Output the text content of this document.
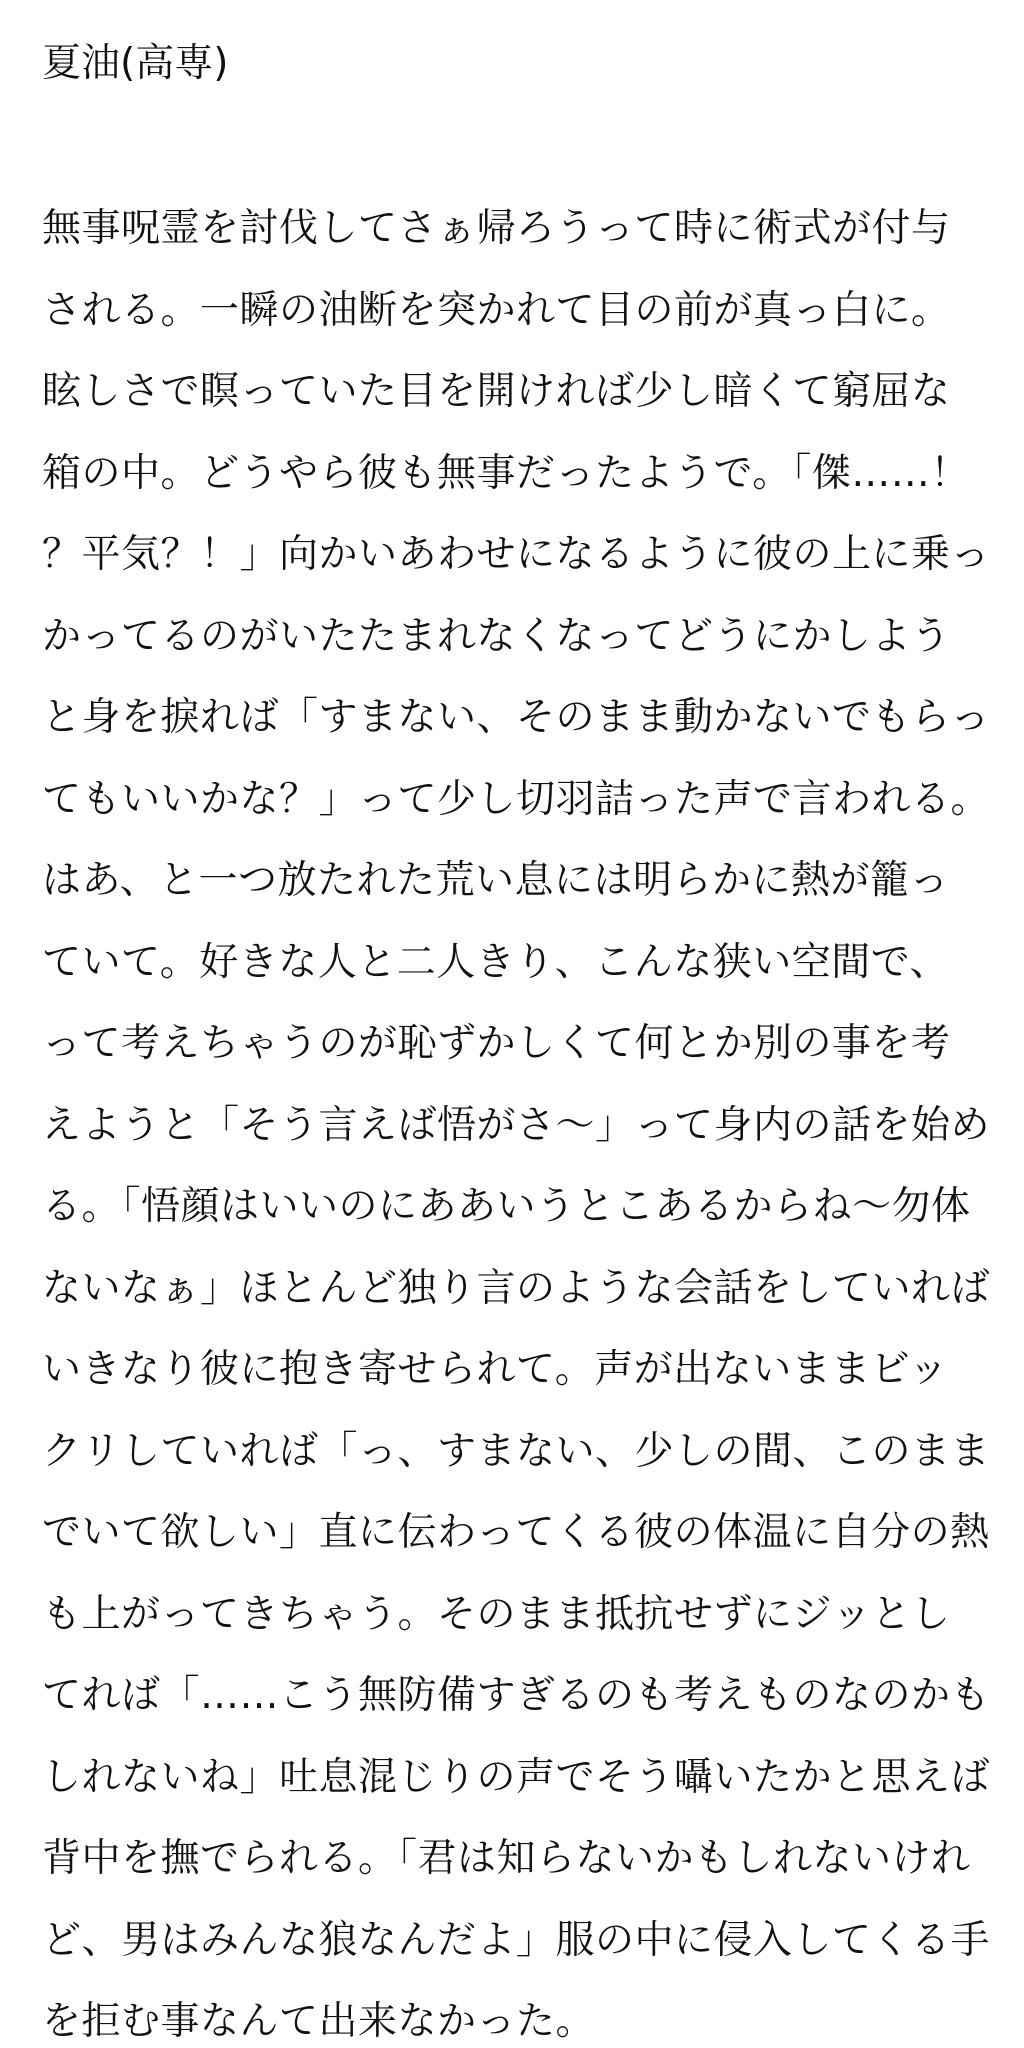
夏油(高専)
無事呪霊を討伐してさぁ帰ろうって時に術式が付与
される。一瞬の油断を突かれて目の前が真っ白に。
眩しさで瞑っていた目を開ければ少し暗くて窮屈な
箱の中。どうやら彼も無事だったようで。「傑……！
？平気？！」向かいあわせになるように彼の上に乗っ
かってるのがいたたまれなくなってどうにかしよう
と身を捩れば「すまない、そのまま動かないでもらっ
てもいいかな？」って少し切羽詰った声で言われる。
はあ、と一つ放たれた荒い息には明らかに熱が籠っ
ていて。好きな人と二人きり、こんな狭い空間で、
って考えちゃうのが恥ずかしくて何とか別の事を考
えようと「そう言えば悟がさ〜」って身内の話を始め
る。「悟顔はいいのにああいうとこあるからね〜勿体
ないなぁ」ほとんど独り言のような会話をしていれば
いきなり彼に抱き寄せられて。声が出ないままビッ
クリしていれば「っ、すまない、少しの間、このまま
でいて欲しい」直に伝わってくる彼の体温に自分の熱
も上がってきちゃう。そのまま抵抗せずにジッとし
てれば「……こう無防備すぎるのも考えものなのかも
しれないね」吐息混じりの声でそう囁いたかと思えば
背中を撫でられる。「君は知らないかもしれないけれ
ど、男はみんな狼なんだよ」服の中に侵入してくる手
を拒む事なんて出来なかった。
